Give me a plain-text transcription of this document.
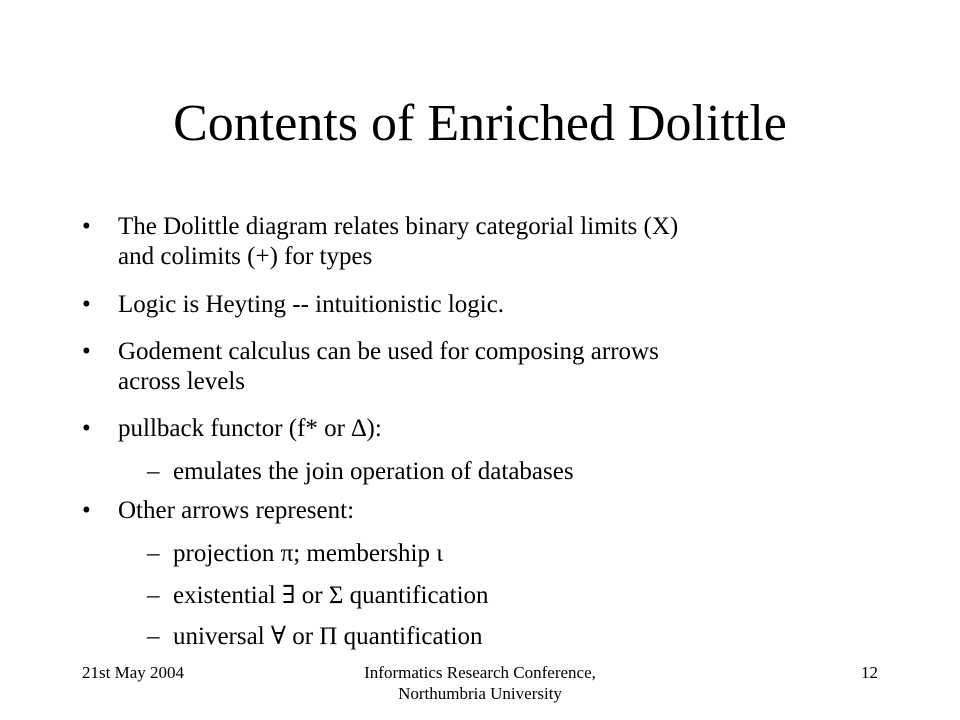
Contents of Enriched Dolittle
• The Dolittle diagram relates binary categorial limits (X)
and colimits (+) for types
• Logic is Heyting -- intuitionistic logic.
• Godement calculus can be used for composing arrows
across levels
• pullback functor (f* or ∆):
– emulates the join operation of databases
• Other arrows represent:
– projection π; membership ι
– existential ∃ or Σ quantification
– universal ∀ or Π quantification
21st May 2004	Informatics Research Conference,
Northumbria University
12
